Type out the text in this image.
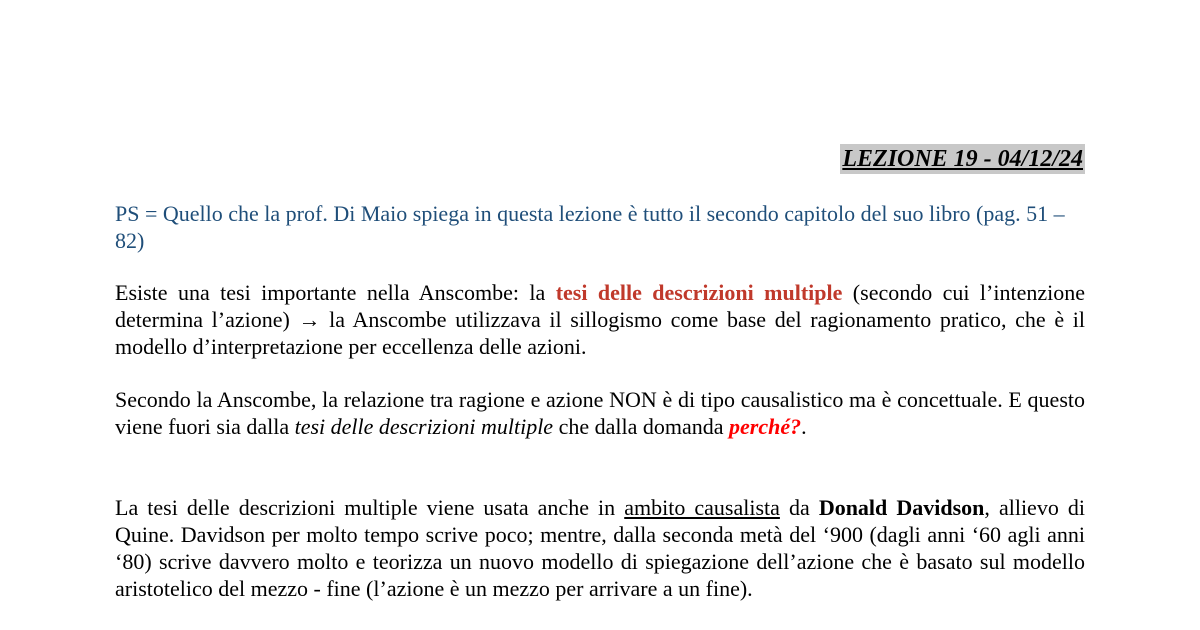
LEZIONE 19 - 04/12/24
PS = Quello che la prof. Di Maio spiega in questa lezione è tutto il secondo capitolo del suo libro (pag. 51 – 82)
Esiste una tesi importante nella Anscombe: la tesi delle descrizioni multiple (secondo cui l’intenzione determina l’azione) → la Anscombe utilizzava il sillogismo come base del ragionamento pratico, che è il modello d’interpretazione per eccellenza delle azioni.
Secondo la Anscombe, la relazione tra ragione e azione NON è di tipo causalistico ma è concettuale. E questo viene fuori sia dalla tesi delle descrizioni multiple che dalla domanda perché?.
La tesi delle descrizioni multiple viene usata anche in ambito causalista da Donald Davidson, allievo di Quine. Davidson per molto tempo scrive poco; mentre, dalla seconda metà del ‘900 (dagli anni ‘60 agli anni ‘80) scrive davvero molto e teorizza un nuovo modello di spiegazione dell’azione che è basato sul modello aristotelico del mezzo - fine (l’azione è un mezzo per arrivare a un fine).
